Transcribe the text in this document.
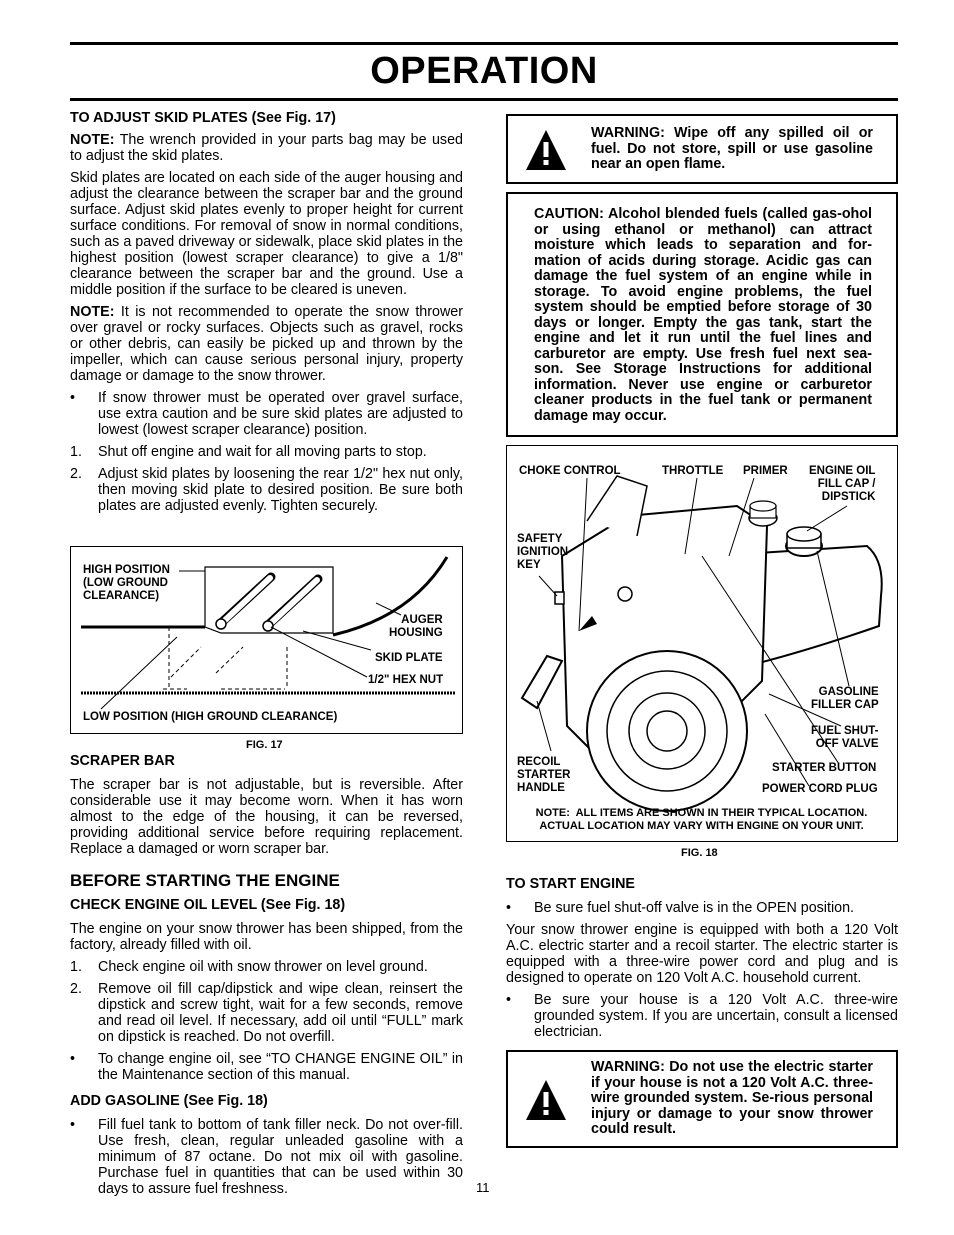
OPERATION
TO ADJUST SKID PLATES (See Fig. 17)

NOTE: The wrench provided in your parts bag may be used to adjust the skid plates.

Skid plates are located on each side of the auger housing and adjust the clearance between the scraper bar and the ground surface. Adjust skid plates evenly to proper height for current surface conditions. For removal of snow in normal conditions, such as a paved driveway or sidewalk, place skid plates in the highest position (lowest scraper clearance) to give a 1/8" clearance between the scraper bar and the ground. Use a middle position if the surface to be cleared is uneven.

NOTE: It is not recommended to operate the snow thrower over gravel or rocky surfaces. Objects such as gravel, rocks or other debris, can easily be picked up and thrown by the impeller, which can cause serious personal injury, property damage or damage to the snow thrower.

• If snow thrower must be operated over gravel surface, use extra caution and be sure skid plates are adjusted to lowest (lowest scraper clearance) position.
1. Shut off engine and wait for all moving parts to stop.
2. Adjust skid plates by loosening the rear 1/2" hex nut only, then moving skid plate to desired position. Be sure both plates are adjusted evenly. Tighten securely.
HIGH POSITION
(LOW GROUND
CLEARANCE)
AUGER
HOUSING
SKID PLATE
1/2" HEX NUT
LOW POSITION (HIGH GROUND CLEARANCE)
FIG. 17
SCRAPER BAR

The scraper bar is not adjustable, but is reversible. After considerable use it may become worn. When it has worn almost to the edge of the housing, it can be reversed, providing additional service before requiring replacement. Replace a damaged or worn scraper bar.

BEFORE STARTING THE ENGINE
CHECK ENGINE OIL LEVEL (See Fig. 18)

The engine on your snow thrower has been shipped, from the factory, already filled with oil.

1. Check engine oil with snow thrower on level ground.
2. Remove oil fill cap/dipstick and wipe clean, reinsert the dipstick and screw tight, wait for a few seconds, remove and read oil level. If necessary, add oil until “FULL” mark on dipstick is reached. Do not overfill.
• To change engine oil, see “TO CHANGE ENGINE OIL” in the Maintenance section of this manual.
ADD GASOLINE (See Fig. 18)
• Fill fuel tank to bottom of tank filler neck. Do not over-fill. Use fresh, clean, regular unleaded gasoline with a minimum of 87 octane. Do not mix oil with gasoline. Purchase fuel in quantities that can be used within 30 days to assure fuel freshness.
WARNING: Wipe off any spilled oil or fuel. Do not store, spill or use gasoline near an open flame.
CAUTION: Alcohol blended fuels (called gas-ohol or using ethanol or methanol) can attract moisture which leads to separation and for-mation of acids during storage. Acidic gas can damage the fuel system of an engine while in storage. To avoid engine problems, the fuel system should be emptied before storage of 30 days or longer. Empty the gas tank, start the engine and let it run until the fuel lines and carburetor are empty. Use fresh fuel next sea-son. See Storage Instructions for additional information. Never use engine or carburetor cleaner products in the fuel tank or permanent damage may occur.
CHOKE CONTROL	THROTTLE PRIMER ENGINE OIL
FILL CAP /
DIPSTICK
SAFETY
IGNITION
KEY
GASOLINE
FILLER CAP
FUEL SHUT-
OFF VALVE
RECOIL
STARTER
HANDLE
STARTER BUTTON
POWER CORD PLUG
NOTE:  ALL ITEMS ARE SHOWN IN THEIR TYPICAL LOCATION.
ACTUAL LOCATION MAY VARY WITH ENGINE ON YOUR UNIT.
FIG. 18
TO START ENGINE
• Be sure fuel shut-off valve is in the OPEN position.

Your snow thrower engine is equipped with both a 120 Volt A.C. electric starter and a recoil starter. The electric starter is equipped with a three-wire power cord and plug and is designed to operate on 120 Volt A.C. household current.

• Be sure your house is a 120 Volt A.C. three-wire grounded system. If you are uncertain, consult a licensed electrician.
WARNING: Do not use the electric starter if your house is not a 120 Volt A.C. three-wire grounded system. Se-rious personal injury or damage to your snow thrower could result.
11
